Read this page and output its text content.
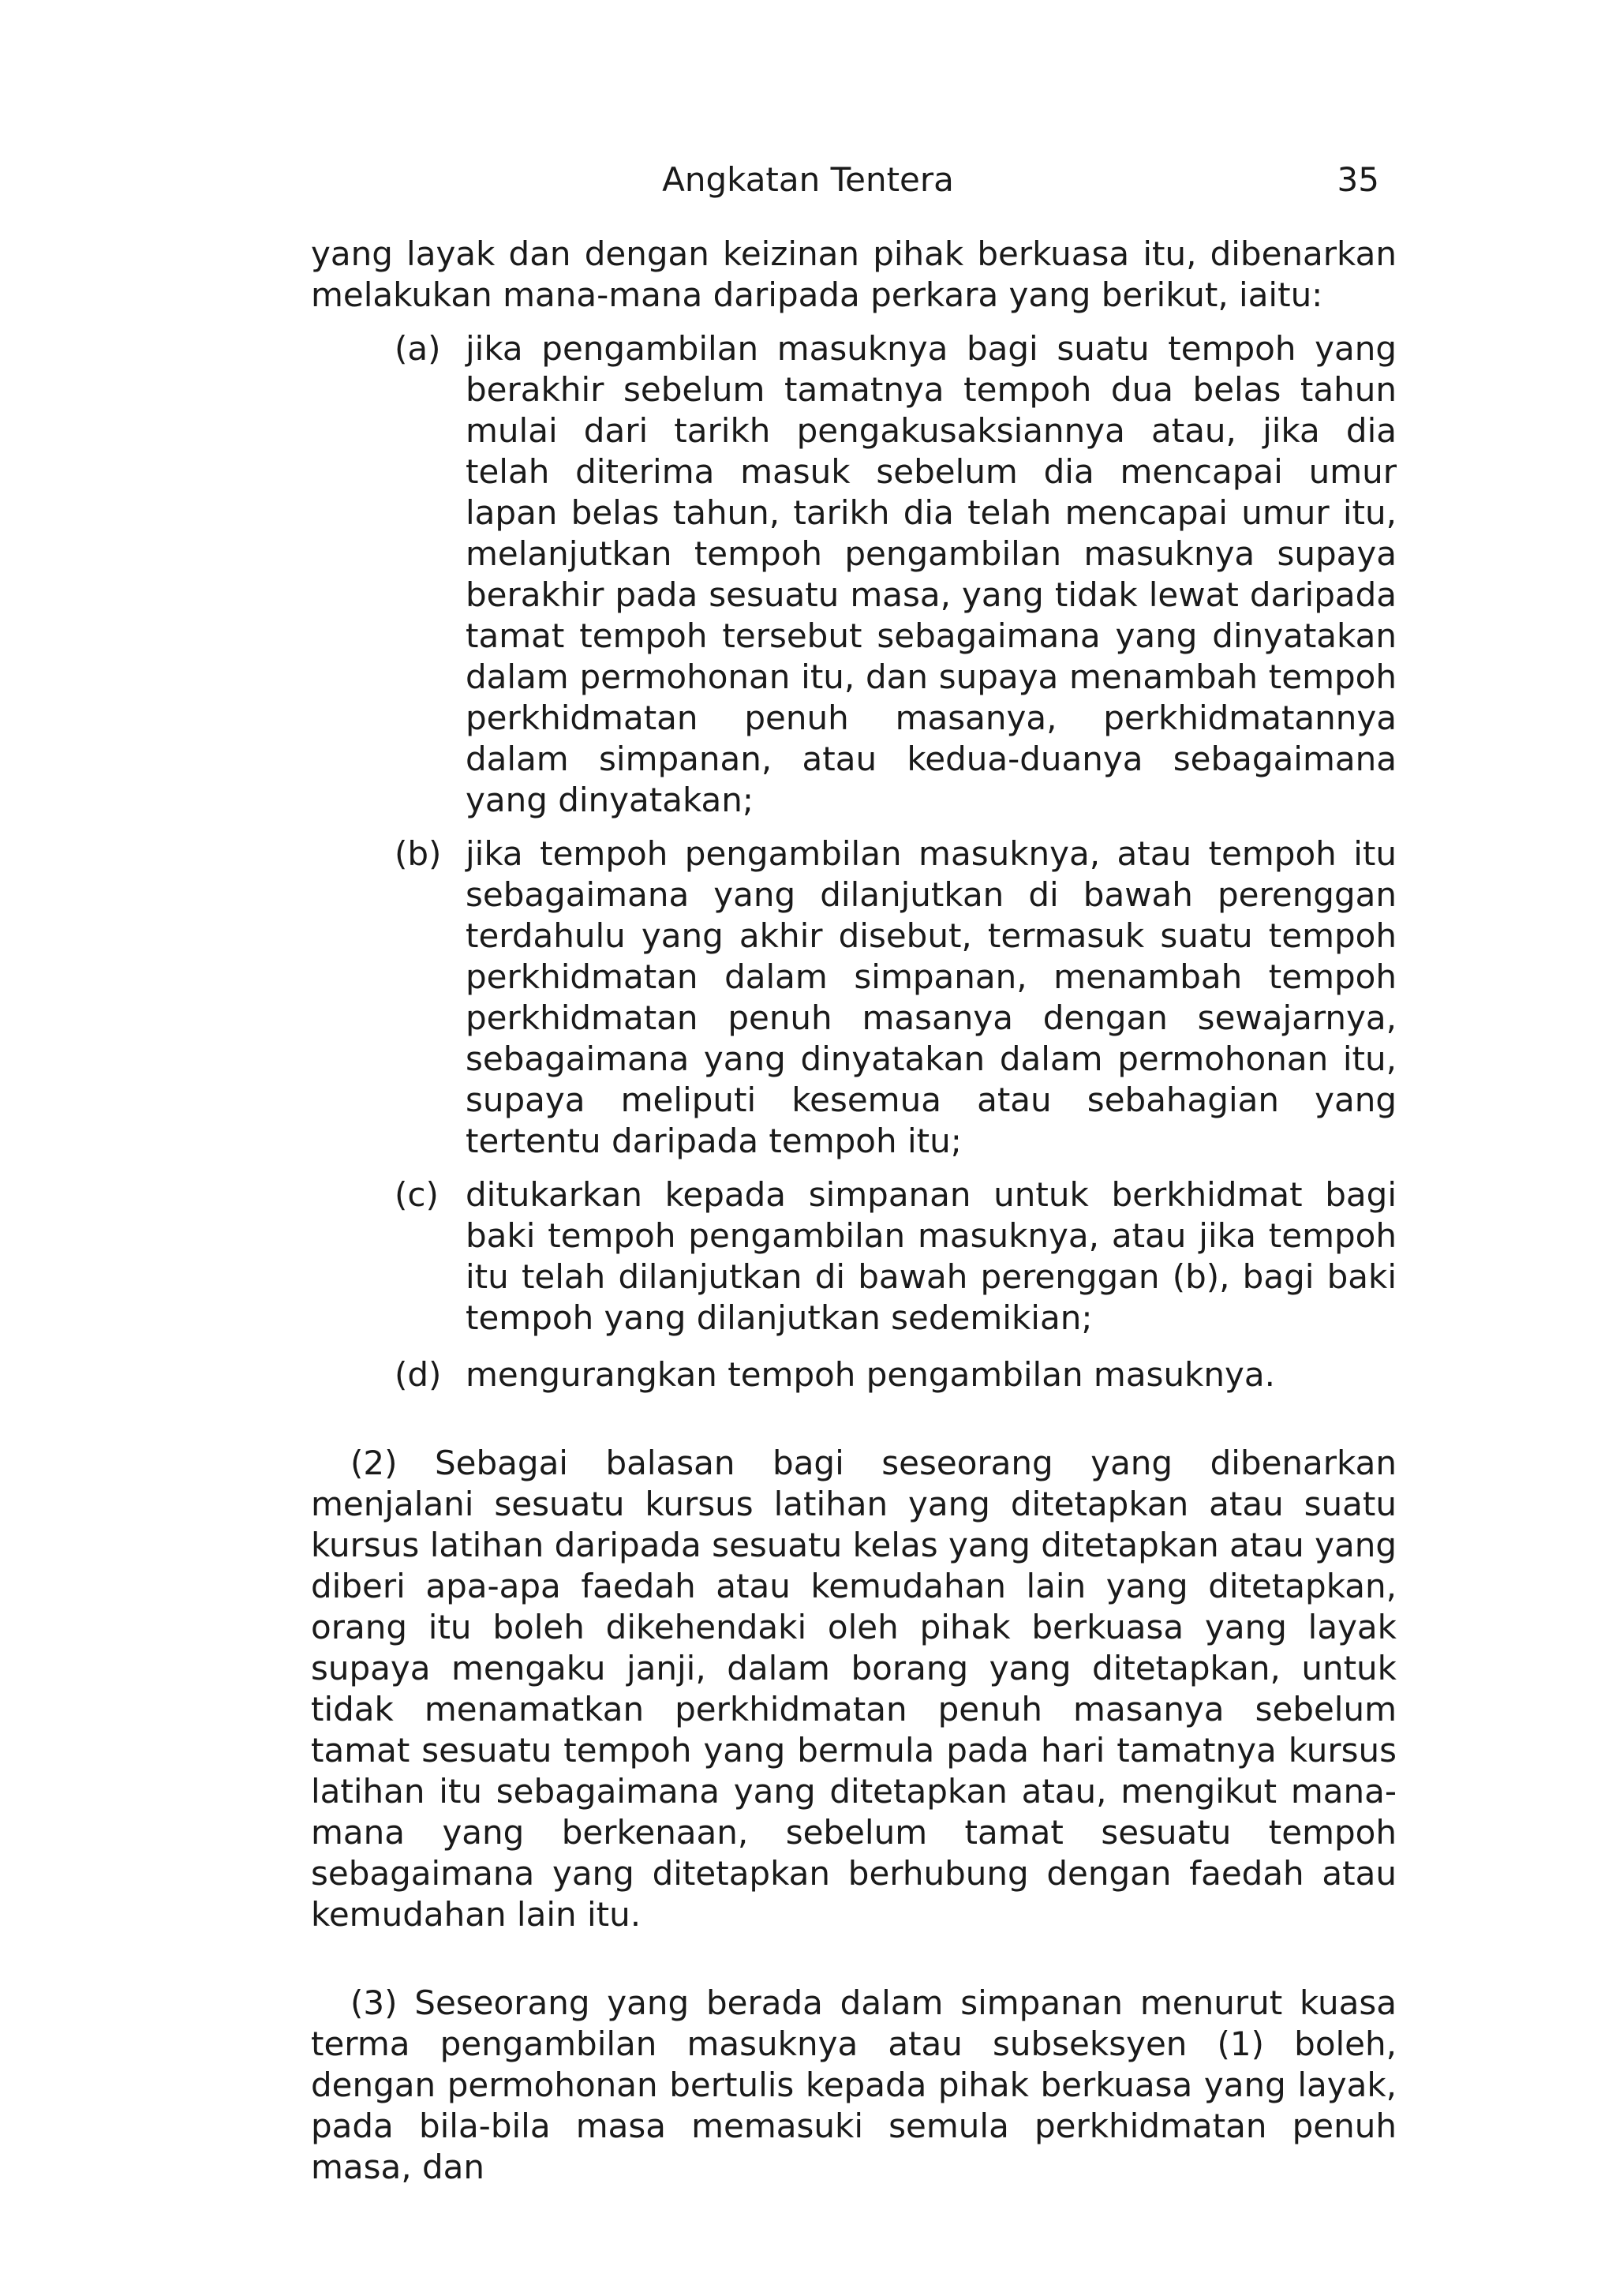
Angkatan Tentera	35

yang layak dan dengan keizinan pihak berkuasa itu, dibenarkan melakukan mana-mana daripada perkara yang berikut, iaitu:

(a) jika pengambilan masuknya bagi suatu tempoh yang berakhir sebelum tamatnya tempoh dua belas tahun mulai dari tarikh pengakusaksiannya atau, jika dia telah diterima masuk sebelum dia mencapai umur lapan belas tahun, tarikh dia telah mencapai umur itu, melanjutkan tempoh pengambilan masuknya supaya berakhir pada sesuatu masa, yang tidak lewat daripada tamat tempoh tersebut sebagaimana yang dinyatakan dalam permohonan itu, dan supaya menambah tempoh perkhidmatan penuh masanya, perkhidmatannya dalam simpanan, atau kedua-duanya sebagaimana yang dinyatakan;

(b) jika tempoh pengambilan masuknya, atau tempoh itu sebagaimana yang dilanjutkan di bawah perenggan terdahulu yang akhir disebut, termasuk suatu tempoh perkhidmatan dalam simpanan, menambah tempoh perkhidmatan penuh masanya dengan sewajarnya, sebagaimana yang dinyatakan dalam permohonan itu, supaya meliputi kesemua atau sebahagian yang tertentu daripada tempoh itu;

(c) ditukarkan kepada simpanan untuk berkhidmat bagi baki tempoh pengambilan masuknya, atau jika tempoh itu telah dilanjutkan di bawah perenggan (b), bagi baki tempoh yang dilanjutkan sedemikian;

(d) mengurangkan tempoh pengambilan masuknya.

(2) Sebagai balasan bagi seseorang yang dibenarkan menjalani sesuatu kursus latihan yang ditetapkan atau suatu kursus latihan daripada sesuatu kelas yang ditetapkan atau yang diberi apa-apa faedah atau kemudahan lain yang ditetapkan, orang itu boleh dikehendaki oleh pihak berkuasa yang layak supaya mengaku janji, dalam borang yang ditetapkan, untuk tidak menamatkan perkhidmatan penuh masanya sebelum tamat sesuatu tempoh yang bermula pada hari tamatnya kursus latihan itu sebagaimana yang ditetapkan atau, mengikut mana-mana yang berkenaan, sebelum tamat sesuatu tempoh sebagaimana yang ditetapkan berhubung dengan faedah atau kemudahan lain itu.

(3) Seseorang yang berada dalam simpanan menurut kuasa terma pengambilan masuknya atau subseksyen (1) boleh, dengan permohonan bertulis kepada pihak berkuasa yang layak, pada bila-bila masa memasuki semula perkhidmatan penuh masa, dan
